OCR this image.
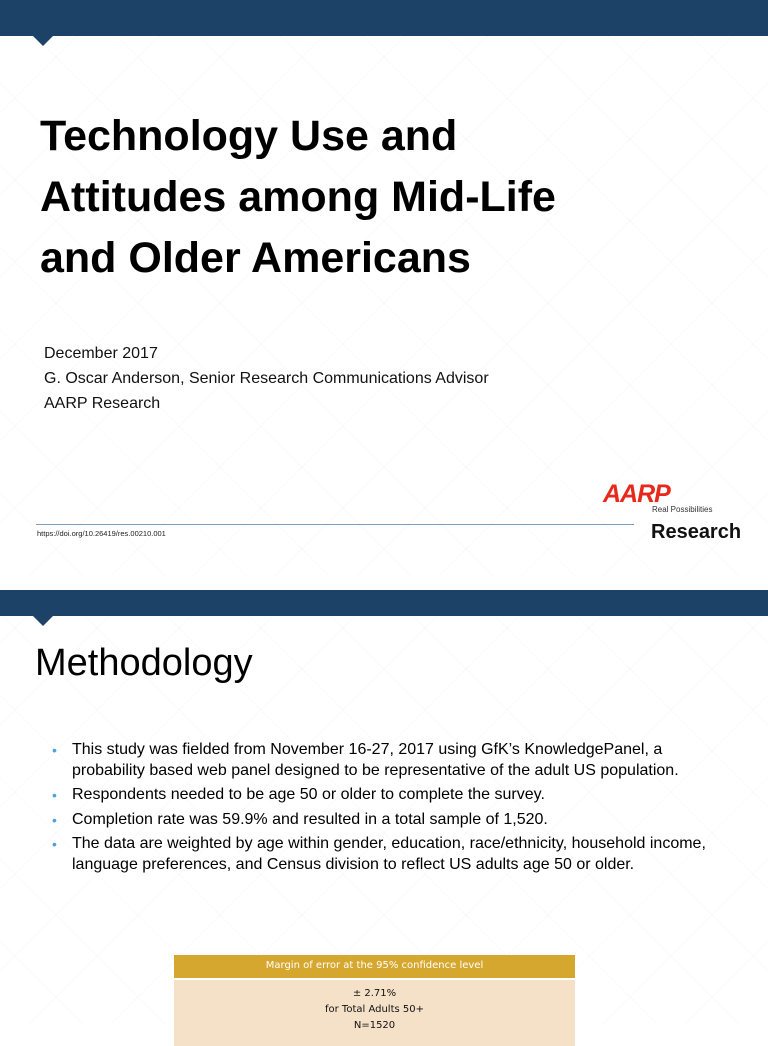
Technology Use and
Attitudes among Mid-Life
and Older Americans
December 2017
G. Oscar Anderson, Senior Research Communications Advisor
AARP Research
https://doi.org/10.26419/res.00210.001
AARP
Real Possibilities
Research
Methodology
• This study was fielded from November 16-27, 2017 using GfK’s KnowledgePanel, a probability based web panel designed to be representative of the adult US population.
• Respondents needed to be age 50 or older to complete the survey.
• Completion rate was 59.9% and resulted in a total sample of 1,520.
• The data are weighted by age within gender, education, race/ethnicity, household income, language preferences, and Census division to reflect US adults age 50 or older.
Margin of error at the 95% confidence level
± 2.71%
for Total Adults 50+
N=1520
